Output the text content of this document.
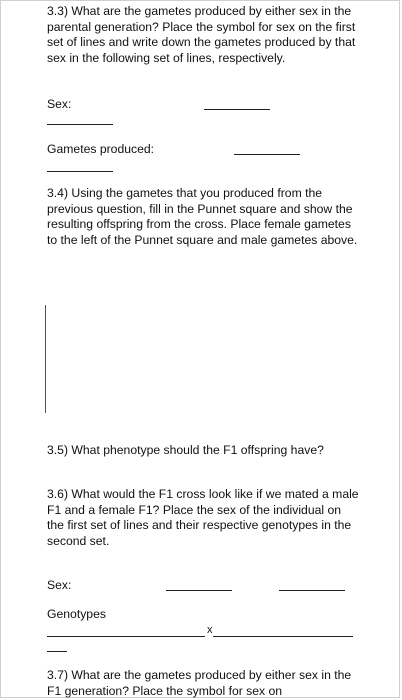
3.3) What are the gametes produced by either sex in the parental generation? Place the symbol for sex on the first set of lines and write down the gametes produced by that sex in the following set of lines, respectively.

Sex:

Gametes produced:

3.4) Using the gametes that you produced from the previous question, fill in the Punnet square and show the resulting offspring from the cross. Place female gametes to the left of the Punnet square and male gametes above.

3.5) What phenotype should the F1 offspring have?

3.6) What would the F1 cross look like if we mated a male F1 and a female F1? Place the sex of the individual on the first set of lines and their respective genotypes in the second set.

Sex:

Genotypes

x

3.7) What are the gametes produced by either sex in the F1 generation? Place the symbol for sex on
